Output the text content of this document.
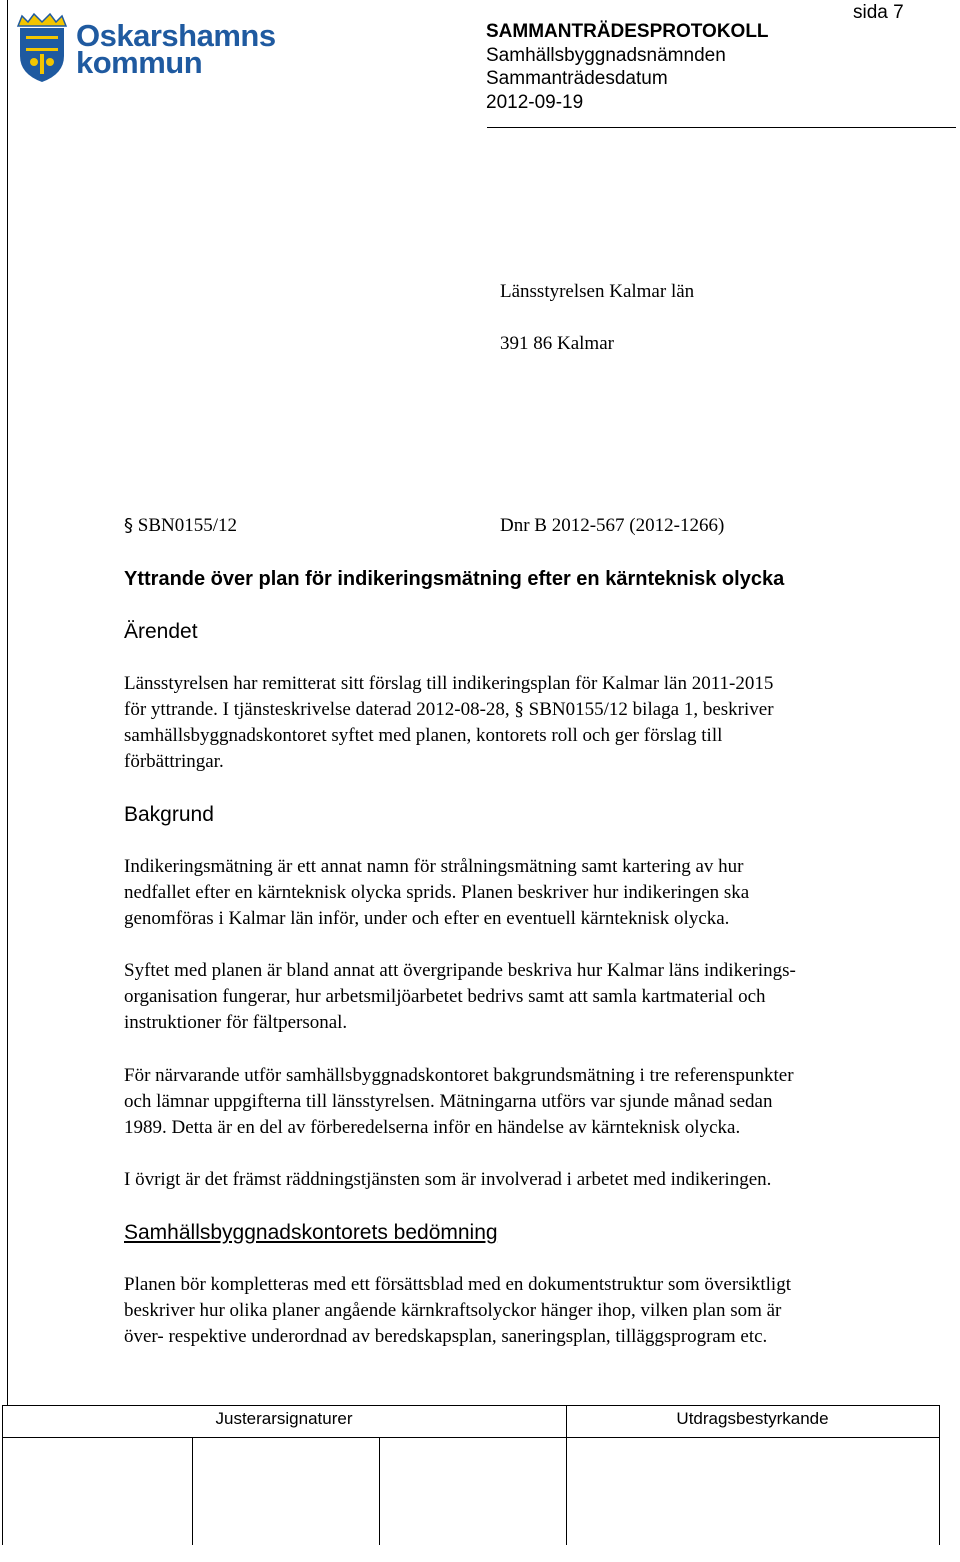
Oskarshamns
kommun
SAMMANTRÄDESPROTOKOLL
Samhällsbyggnadsnämnden
Sammanträdesdatum
2012-09-19
sida 7
Länsstyrelsen Kalmar län
391 86 Kalmar
§ SBN0155/12	Dnr B 2012-567 (2012-1266)
Yttrande över plan för indikeringsmätning efter en kärnteknisk olycka
Ärendet
Länsstyrelsen har remitterat sitt förslag till indikeringsplan för Kalmar län 2011-2015
för yttrande. I tjänsteskrivelse daterad 2012-08-28, § SBN0155/12 bilaga 1, beskriver
samhällsbyggnadskontoret syftet med planen, kontorets roll och ger förslag till
förbättringar.
Bakgrund
Indikeringsmätning är ett annat namn för strålningsmätning samt kartering av hur
nedfallet efter en kärnteknisk olycka sprids. Planen beskriver hur indikeringen ska
genomföras i Kalmar län inför, under och efter en eventuell kärnteknisk olycka.
Syftet med planen är bland annat att övergripande beskriva hur Kalmar läns indikerings-
organisation fungerar, hur arbetsmiljöarbetet bedrivs samt att samla kartmaterial och
instruktioner för fältpersonal.
För närvarande utför samhällsbyggnadskontoret bakgrundsmätning i tre referenspunkter
och lämnar uppgifterna till länsstyrelsen. Mätningarna utförs var sjunde månad sedan
1989. Detta är en del av förberedelserna inför en händelse av kärnteknisk olycka.
I övrigt är det främst räddningstjänsten som är involverad i arbetet med indikeringen.
Samhällsbyggnadskontorets bedömning
Planen bör kompletteras med ett försättsblad med en dokumentstruktur som översiktligt
beskriver hur olika planer angående kärnkraftsolyckor hänger ihop, vilken plan som är
över- respektive underordnad av beredskapsplan, saneringsplan, tilläggsprogram etc.
Justerarsignaturer	Utdragsbestyrkande
